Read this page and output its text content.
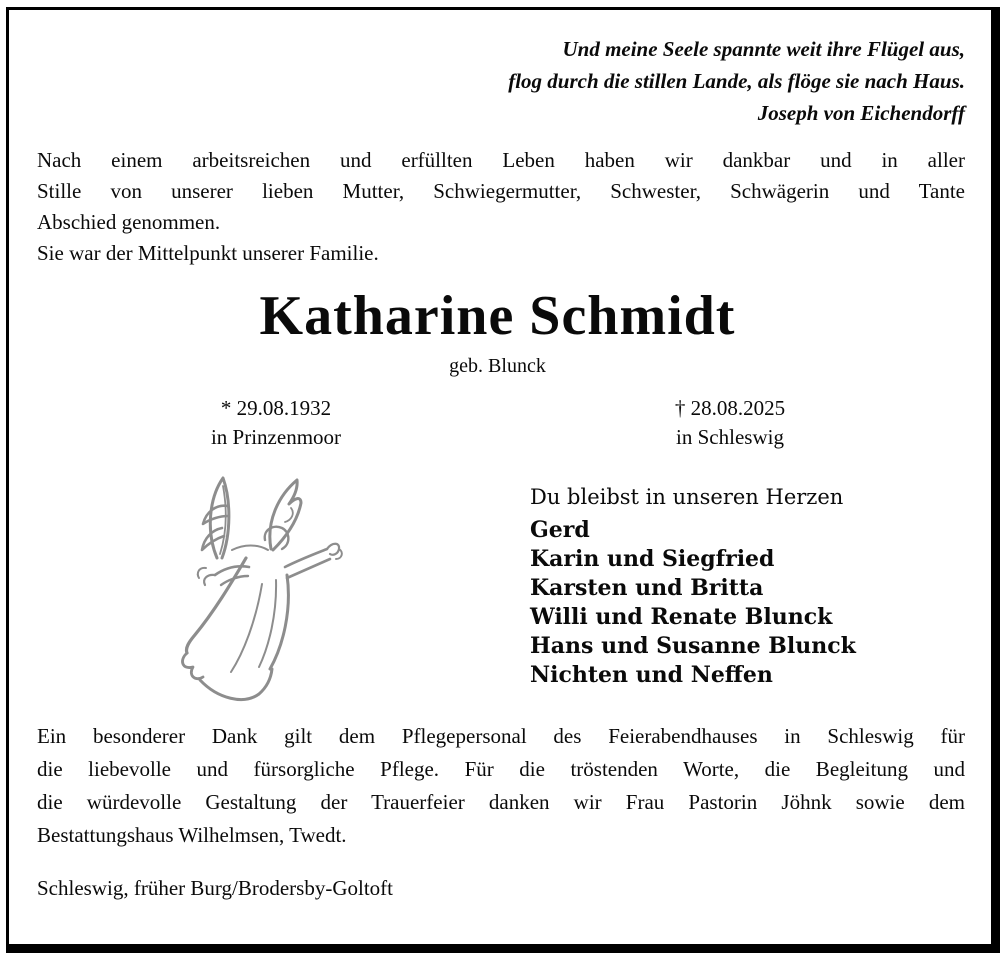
Und meine Seele spannte weit ihre Flügel aus,
flog durch die stillen Lande, als flöge sie nach Haus.
Joseph von Eichendorff
Nach einem arbeitsreichen und erfüllten Leben haben wir dankbar und in aller
Stille von unserer lieben Mutter, Schwiegermutter, Schwester, Schwägerin und Tante
Abschied genommen.
Sie war der Mittelpunkt unserer Familie.
Katharine Schmidt
geb. Blunck
* 29.08.1932
in Prinzenmoor
† 28.08.2025
in Schleswig
Du bleibst in unseren Herzen
Gerd
Karin und Siegfried
Karsten und Britta
Willi und Renate Blunck
Hans und Susanne Blunck
Nichten und Neffen
Ein besonderer Dank gilt dem Pflegepersonal des Feierabendhauses in Schleswig für
die liebevolle und fürsorgliche Pflege. Für die tröstenden Worte, die Begleitung und
die würdevolle Gestaltung der Trauerfeier danken wir Frau Pastorin Jöhnk sowie dem
Bestattungshaus Wilhelmsen, Twedt.
Schleswig, früher Burg/Brodersby-Goltoft
